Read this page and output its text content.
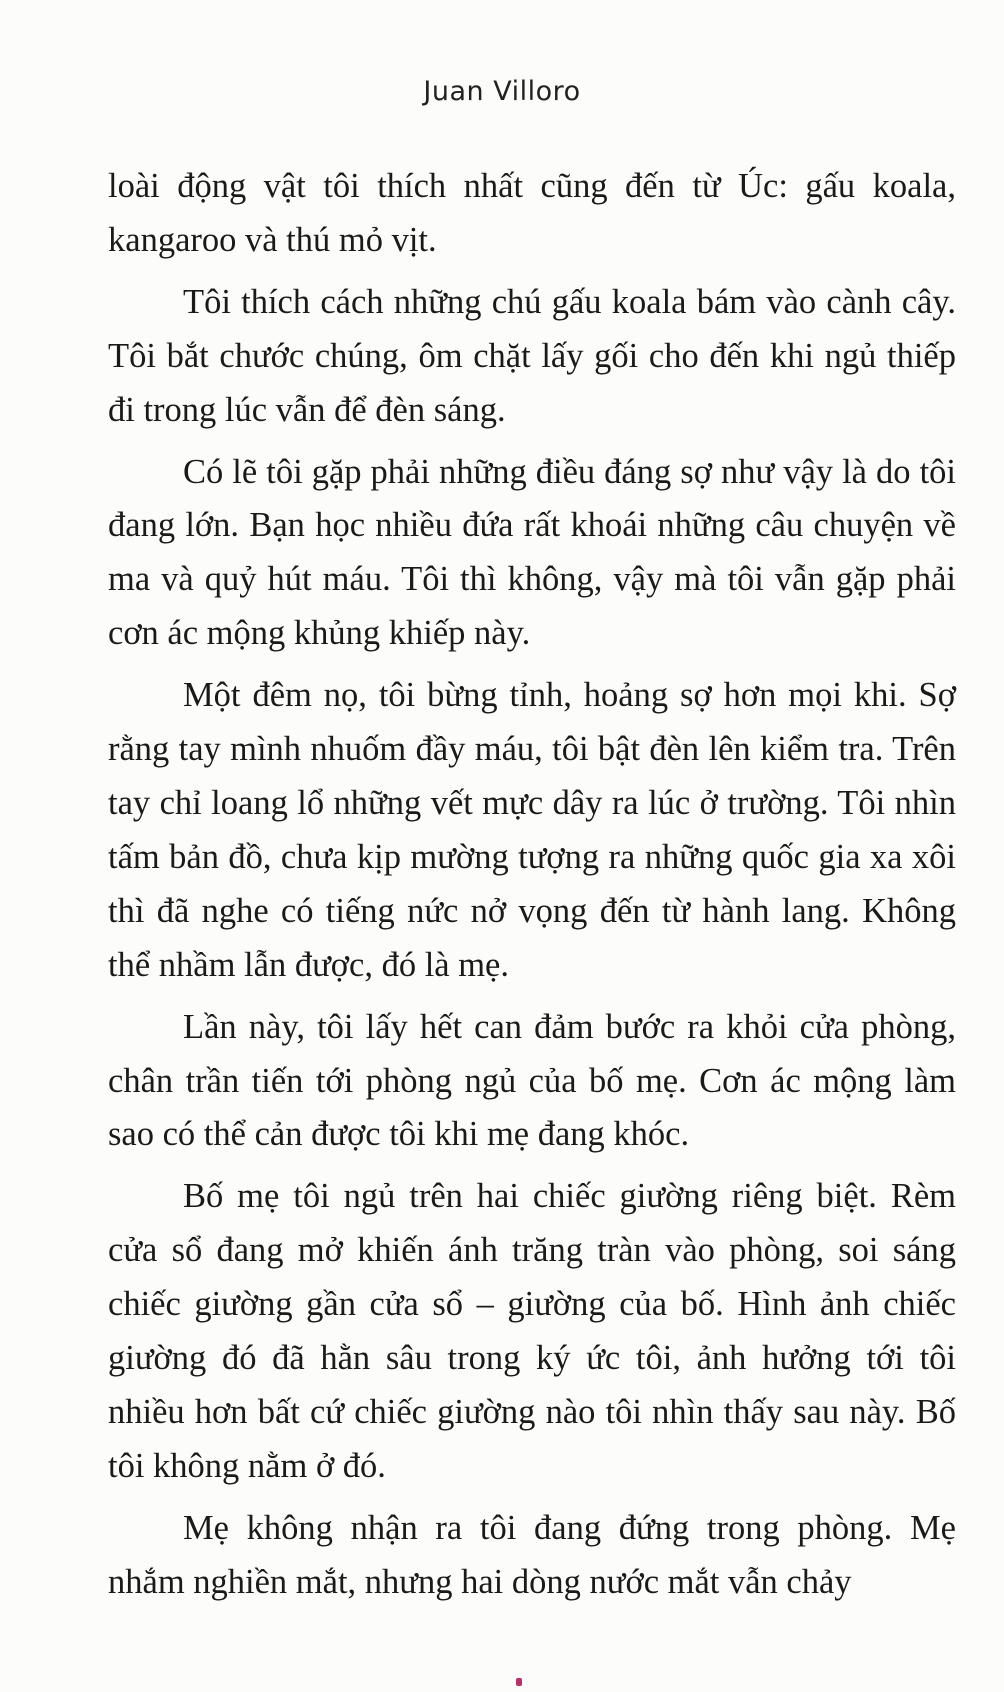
Juan Villoro

loài động vật tôi thích nhất cũng đến từ Úc: gấu koala, kangaroo và thú mỏ vịt.

Tôi thích cách những chú gấu koala bám vào cành cây. Tôi bắt chước chúng, ôm chặt lấy gối cho đến khi ngủ thiếp đi trong lúc vẫn để đèn sáng.

Có lẽ tôi gặp phải những điều đáng sợ như vậy là do tôi đang lớn. Bạn học nhiều đứa rất khoái những câu chuyện về ma và quỷ hút máu. Tôi thì không, vậy mà tôi vẫn gặp phải cơn ác mộng khủng khiếp này.

Một đêm nọ, tôi bừng tỉnh, hoảng sợ hơn mọi khi. Sợ rằng tay mình nhuốm đầy máu, tôi bật đèn lên kiểm tra. Trên tay chỉ loang lổ những vết mực dây ra lúc ở trường. Tôi nhìn tấm bản đồ, chưa kịp mường tượng ra những quốc gia xa xôi thì đã nghe có tiếng nức nở vọng đến từ hành lang. Không thể nhầm lẫn được, đó là mẹ.

Lần này, tôi lấy hết can đảm bước ra khỏi cửa phòng, chân trần tiến tới phòng ngủ của bố mẹ. Cơn ác mộng làm sao có thể cản được tôi khi mẹ đang khóc.

Bố mẹ tôi ngủ trên hai chiếc giường riêng biệt. Rèm cửa sổ đang mở khiến ánh trăng tràn vào phòng, soi sáng chiếc giường gần cửa sổ – giường của bố. Hình ảnh chiếc giường đó đã hằn sâu trong ký ức tôi, ảnh hưởng tới tôi nhiều hơn bất cứ chiếc giường nào tôi nhìn thấy sau này. Bố tôi không nằm ở đó.

Mẹ không nhận ra tôi đang đứng trong phòng. Mẹ nhắm nghiền mắt, nhưng hai dòng nước mắt vẫn chảy
